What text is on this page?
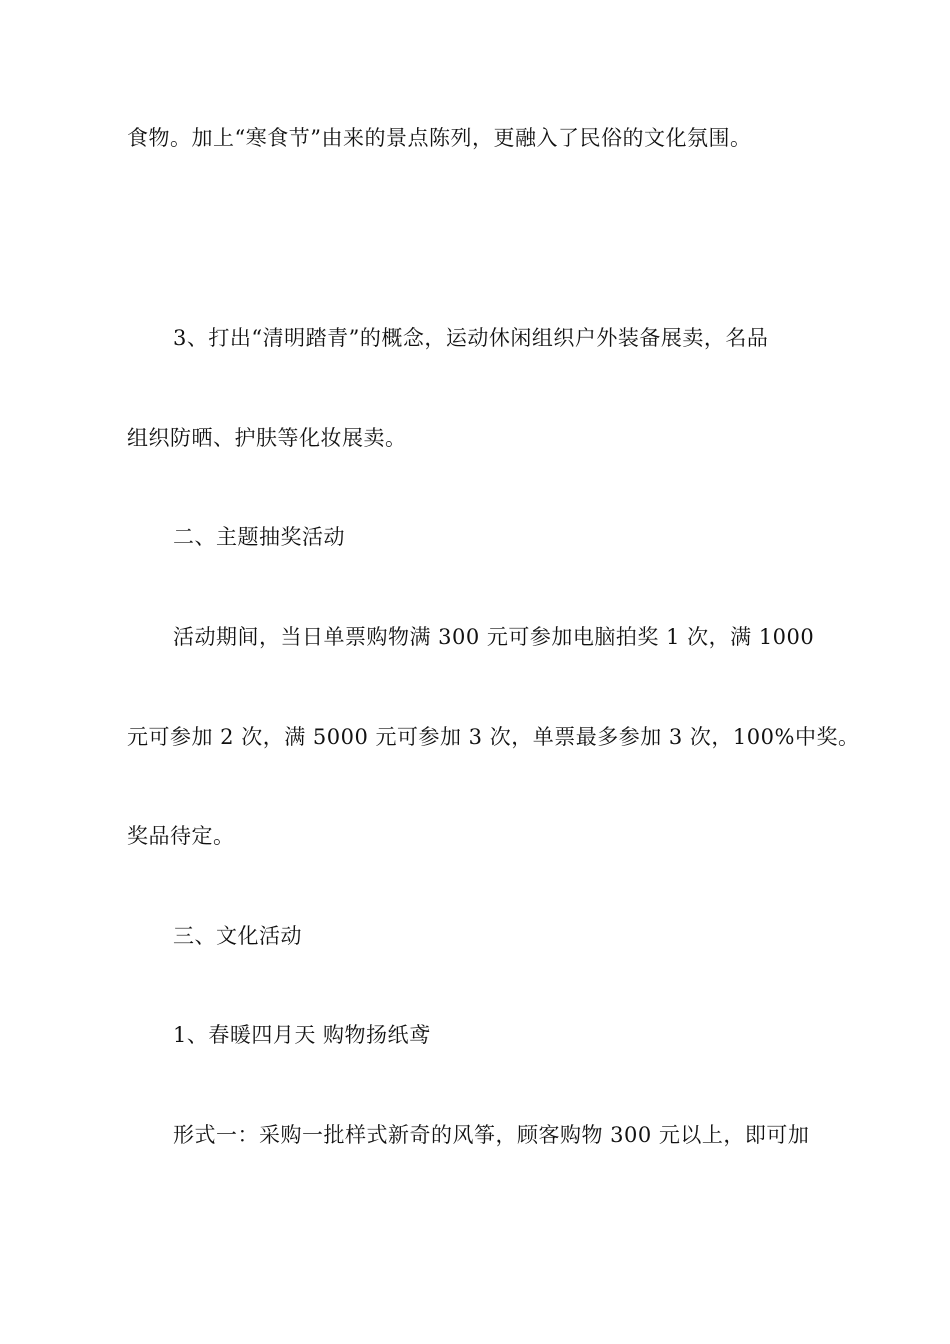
食物。加上“寒食节”由来的景点陈列，更融入了民俗的文化氛围。
3、打出“清明踏青”的概念，运动休闲组织户外装备展卖，名品
组织防晒、护肤等化妆展卖。
二、主题抽奖活动
活动期间，当日单票购物满 300 元可参加电脑拍奖 1 次，满 1000
元可参加 2 次，满 5000 元可参加 3 次，单票最多参加 3 次，100%中奖。
奖品待定。
三、文化活动
1、春暖四月天 购物扬纸鸢
形式一：采购一批样式新奇的风筝，顾客购物 300 元以上，即可加
